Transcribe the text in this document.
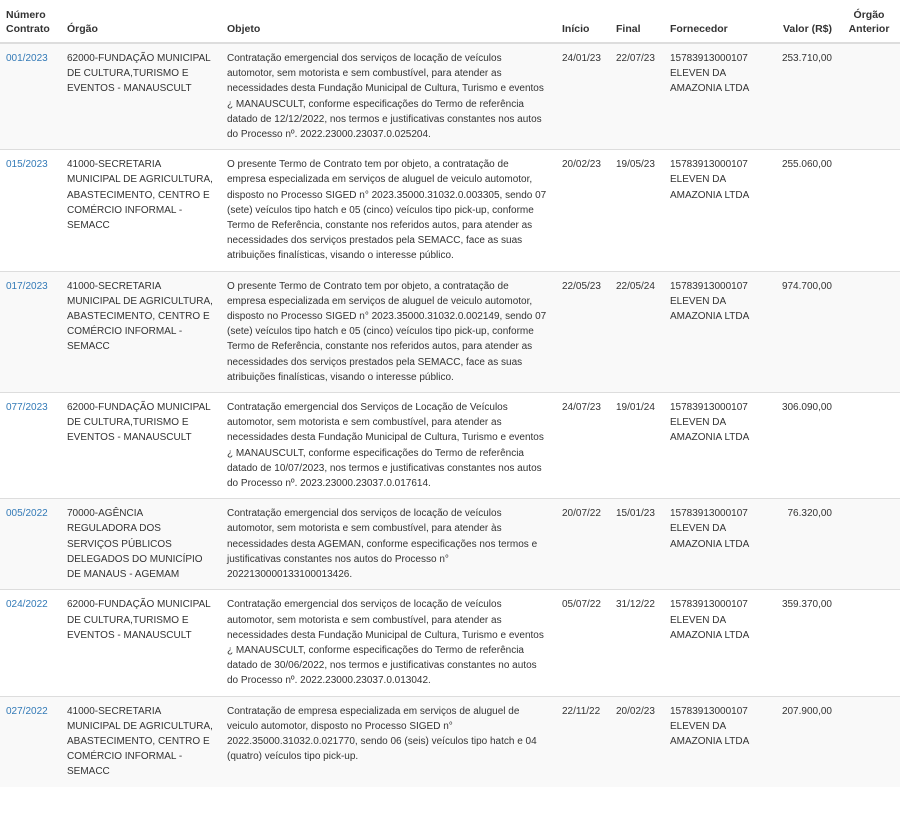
Número Contrato	Órgão	Objeto	Início	Final	Fornecedor	Valor (R$)	Órgão Anterior
001/2023	62000-FUNDAÇÃO MUNICIPAL DE CULTURA,TURISMO E EVENTOS - MANAUSCULT	Contratação emergencial dos serviços de locação de veículos automotor, sem motorista e sem combustível, para atender as necessidades desta Fundação Municipal de Cultura, Turismo e eventos ¿ MANAUSCULT, conforme especificações do Termo de referência datado de 12/12/2022, nos termos e justificativas constantes nos autos do Processo nº. 2022.23000.23037.0.025204.	24/01/23	22/07/23	15783913000107 ELEVEN DA AMAZONIA LTDA	253.710,00	
015/2023	41000-SECRETARIA MUNICIPAL DE AGRICULTURA, ABASTECIMENTO, CENTRO E COMÉRCIO INFORMAL - SEMACC	O presente Termo de Contrato tem por objeto, a contratação de empresa especializada em serviços de aluguel de veiculo automotor, disposto no Processo SIGED n° 2023.35000.31032.0.003305, sendo 07 (sete) veículos tipo hatch e 05 (cinco) veículos tipo pick-up, conforme Termo de Referência, constante nos referidos autos, para atender as necessidades dos serviços prestados pela SEMACC, face as suas atribuições finalísticas, visando o interesse público.	20/02/23	19/05/23	15783913000107 ELEVEN DA AMAZONIA LTDA	255.060,00	
017/2023	41000-SECRETARIA MUNICIPAL DE AGRICULTURA, ABASTECIMENTO, CENTRO E COMÉRCIO INFORMAL - SEMACC	O presente Termo de Contrato tem por objeto, a contratação de empresa especializada em serviços de aluguel de veiculo automotor, disposto no Processo SIGED n° 2023.35000.31032.0.002149, sendo 07 (sete) veículos tipo hatch e 05 (cinco) veículos tipo pick-up, conforme Termo de Referência, constante nos referidos autos, para atender as necessidades dos serviços prestados pela SEMACC, face as suas atribuições finalísticas, visando o interesse público.	22/05/23	22/05/24	15783913000107 ELEVEN DA AMAZONIA LTDA	974.700,00	
077/2023	62000-FUNDAÇÃO MUNICIPAL DE CULTURA,TURISMO E EVENTOS - MANAUSCULT	Contratação emergencial dos Serviços de Locação de Veículos automotor, sem motorista e sem combustível, para atender as necessidades desta Fundação Municipal de Cultura, Turismo e eventos ¿ MANAUSCULT, conforme especificações do Termo de referência datado de 10/07/2023, nos termos e justificativas constantes nos autos do Processo nº. 2023.23000.23037.0.017614.	24/07/23	19/01/24	15783913000107 ELEVEN DA AMAZONIA LTDA	306.090,00	
005/2022	70000-AGÊNCIA REGULADORA DOS SERVIÇOS PÚBLICOS DELEGADOS DO MUNICÍPIO DE MANAUS - AGEMAM	Contratação emergencial dos serviços de locação de veículos automotor, sem motorista e sem combustível, para atender às necessidades desta AGEMAN, conforme especificações nos termos e justificativas constantes nos autos do Processo n° 2022130000133100013426.	20/07/22	15/01/23	15783913000107 ELEVEN DA AMAZONIA LTDA	76.320,00	
024/2022	62000-FUNDAÇÃO MUNICIPAL DE CULTURA,TURISMO E EVENTOS - MANAUSCULT	Contratação emergencial dos serviços de locação de veículos automotor, sem motorista e sem combustível, para atender as necessidades desta Fundação Municipal de Cultura, Turismo e eventos ¿ MANAUSCULT, conforme especificações do Termo de referência datado de 30/06/2022, nos termos e justificativas constantes no autos do Processo nº. 2022.23000.23037.0.013042.	05/07/22	31/12/22	15783913000107 ELEVEN DA AMAZONIA LTDA	359.370,00	
027/2022	41000-SECRETARIA MUNICIPAL DE AGRICULTURA, ABASTECIMENTO, CENTRO E COMÉRCIO INFORMAL - SEMACC	Contratação de empresa especializada em serviços de aluguel de veiculo automotor, disposto no Processo SIGED n° 2022.35000.31032.0.021770, sendo 06 (seis) veículos tipo hatch e 04 (quatro) veículos tipo pick-up.	22/11/22	20/02/23	15783913000107 ELEVEN DA AMAZONIA LTDA	207.900,00	
